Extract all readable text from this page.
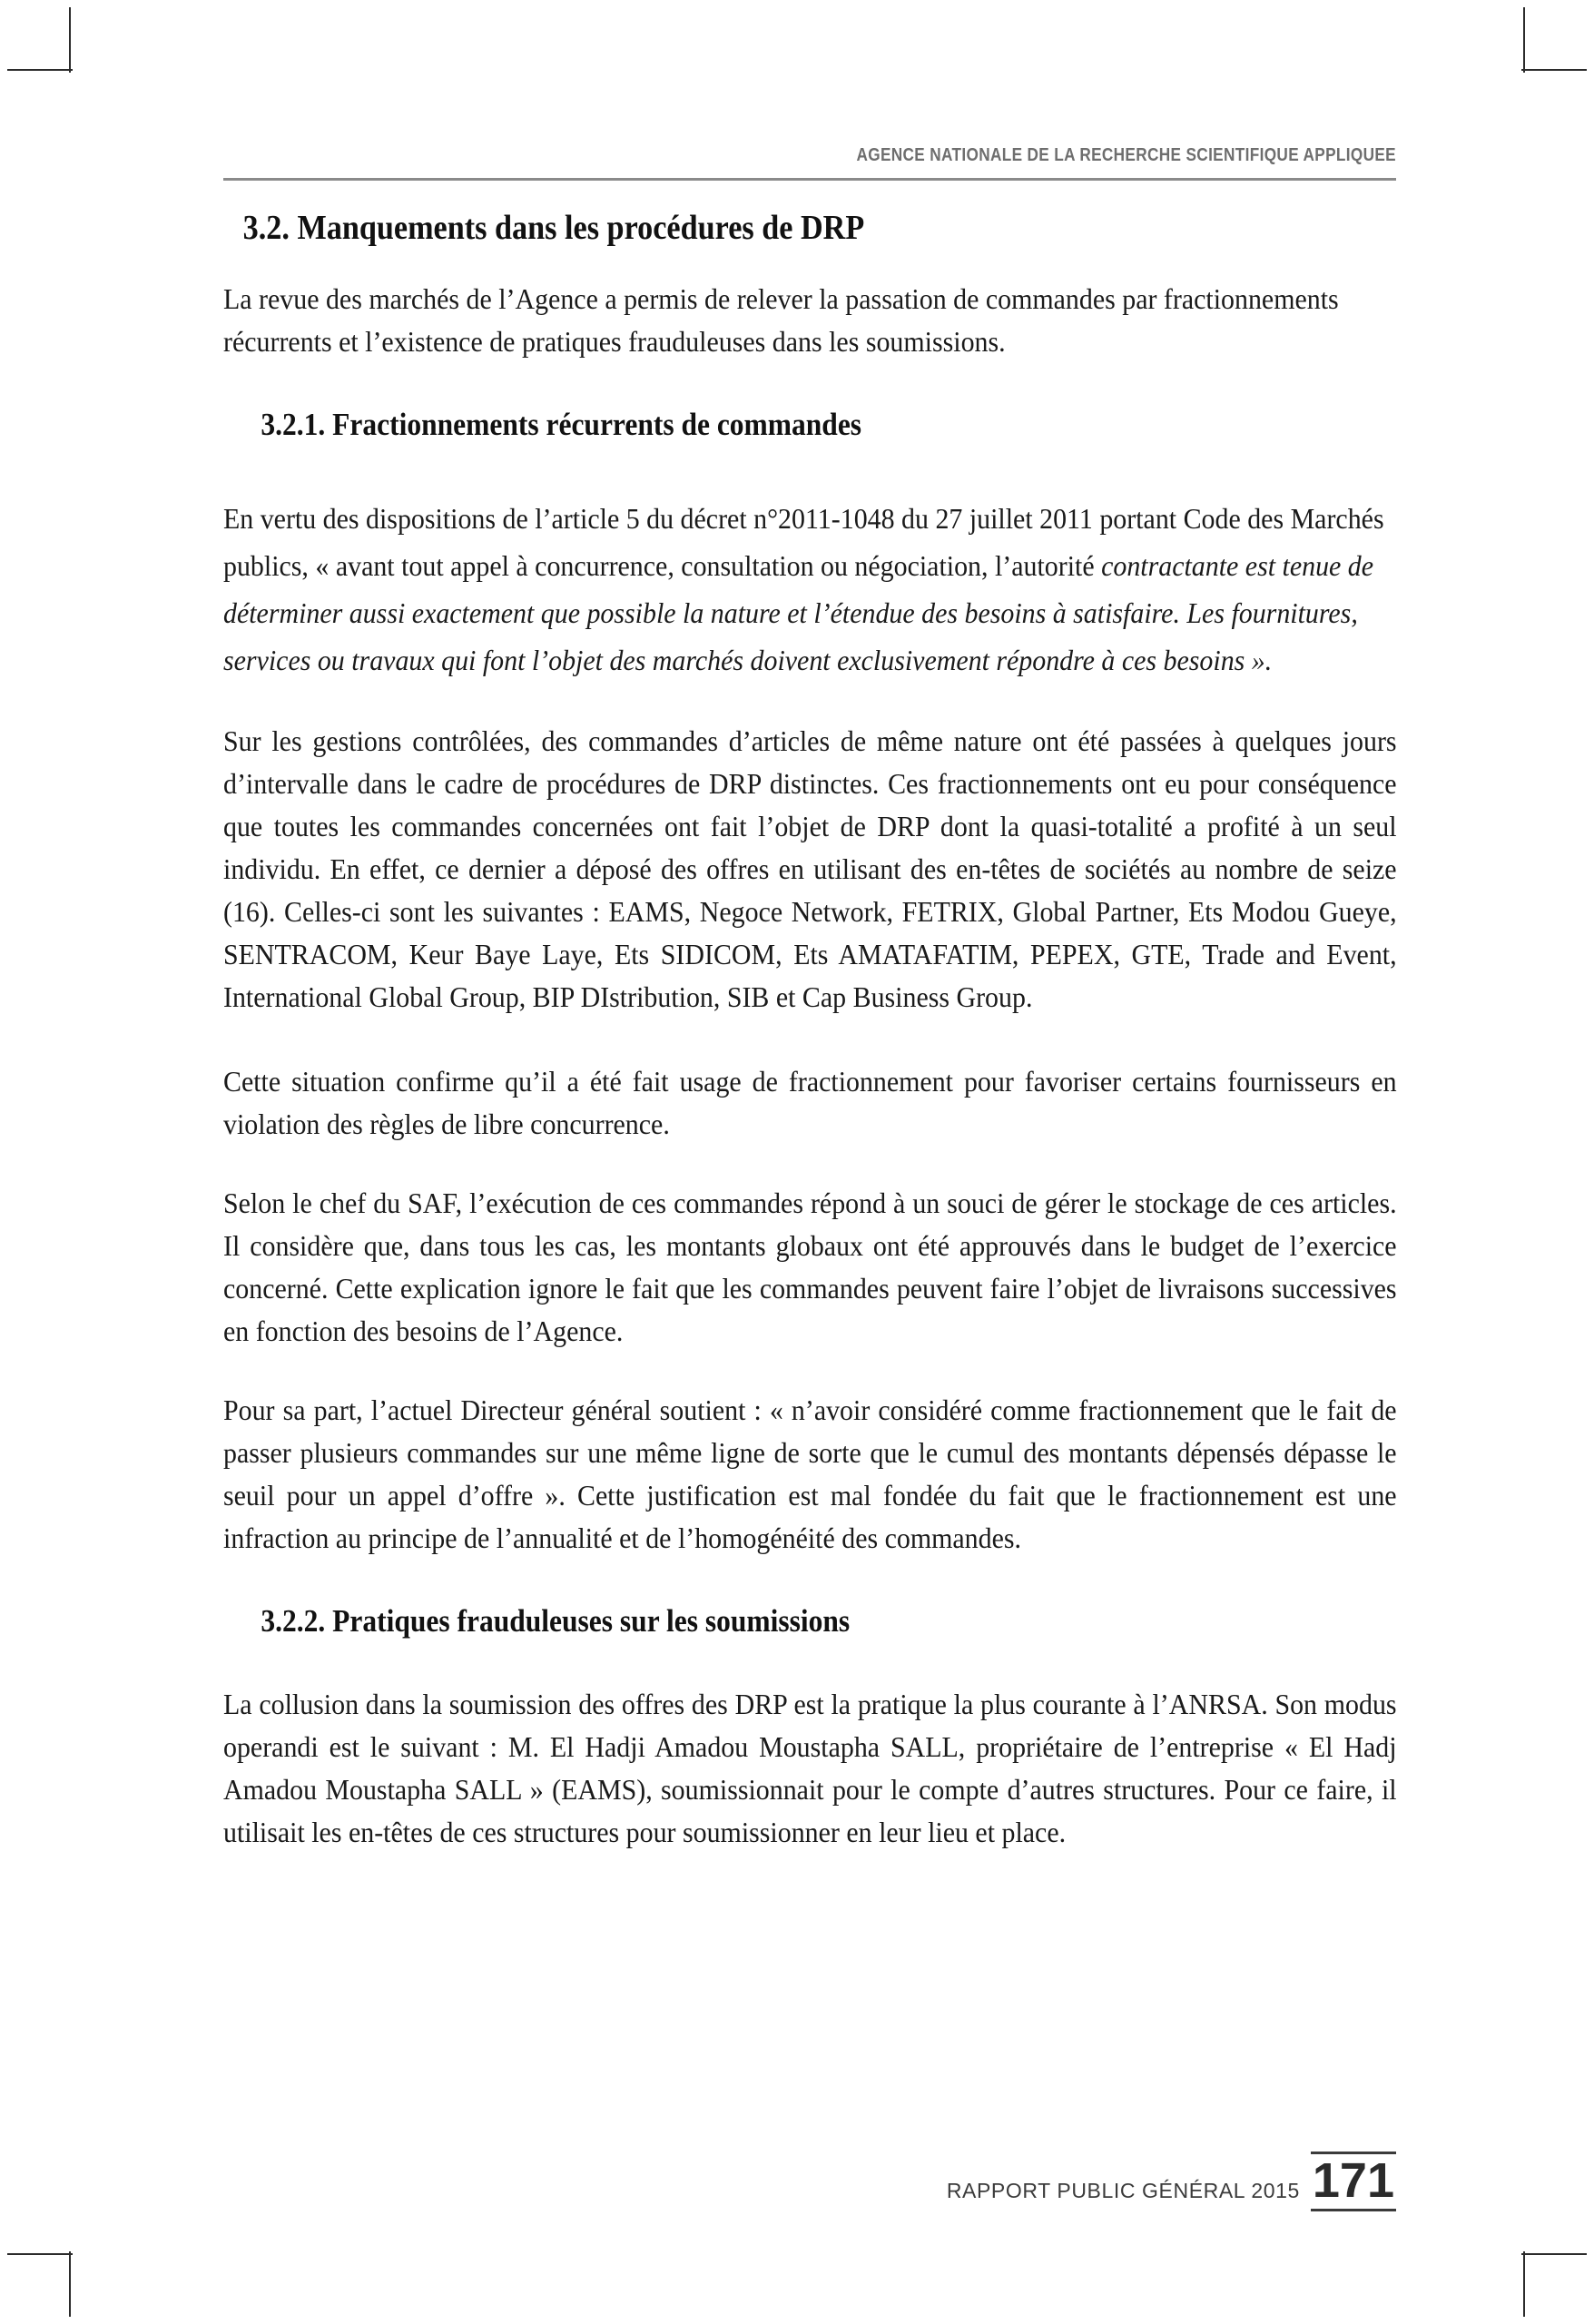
AGENCE NATIONALE DE LA RECHERCHE SCIENTIFIQUE APPLIQUEE
3.2. Manquements dans les procédures de DRP

La revue des marchés de l’Agence a permis de relever la passation de commandes par fractionnements récurrents et l’existence de pratiques frauduleuses dans les soumissions.

3.2.1. Fractionnements récurrents de commandes

En vertu des dispositions de l’article 5 du décret n°2011-1048 du 27 juillet 2011 portant Code des Marchés publics, « avant tout appel à concurrence, consultation ou négociation, l’autorité contractante est tenue de déterminer aussi exactement que possible la nature et l’étendue des besoins à satisfaire. Les fournitures, services ou travaux qui font l’objet des marchés doivent exclusivement répondre à ces besoins ».

Sur les gestions contrôlées, des commandes d’articles de même nature ont été passées à quelques jours d’intervalle dans le cadre de procédures de DRP distinctes. Ces fractionnements ont eu pour conséquence que toutes les commandes concernées ont fait l’objet de DRP dont la quasi-totalité a profité à un seul individu. En effet, ce dernier a déposé des offres en utilisant des en-têtes de sociétés au nombre de seize (16). Celles-ci sont les suivantes : EAMS, Negoce Network, FETRIX, Global Partner, Ets Modou Gueye, SENTRACOM, Keur Baye Laye, Ets SIDICOM, Ets AMATAFATIM, PEPEX, GTE, Trade and Event, International Global Group, BIP DIstribution, SIB et Cap Business Group.

Cette situation confirme qu’il a été fait usage de fractionnement pour favoriser certains fournisseurs en violation des règles de libre concurrence.

Selon le chef du SAF, l’exécution de ces commandes répond à un souci de gérer le stockage de ces articles. Il considère que, dans tous les cas, les montants globaux ont été approuvés dans le budget de l’exercice concerné. Cette explication ignore le fait que les commandes peuvent faire l’objet de livraisons successives en fonction des besoins de l’Agence.

Pour sa part, l’actuel Directeur général soutient : « n’avoir considéré comme fractionnement que le fait de passer plusieurs commandes sur une même ligne de sorte que le cumul des montants dépensés dépasse le seuil pour un appel d’offre ». Cette justification est mal fondée du fait que le fractionnement est une infraction au principe de l’annualité et de l’homogénéité des commandes.

3.2.2. Pratiques frauduleuses sur les soumissions

La collusion dans la soumission des offres des DRP est la pratique la plus courante à l’ANRSA. Son modus operandi est le suivant : M. El Hadji Amadou Moustapha SALL, propriétaire de l’entreprise « El Hadj Amadou Moustapha SALL » (EAMS), soumissionnait pour le compte d’autres structures. Pour ce faire, il utilisait les en-têtes de ces structures pour soumissionner en leur lieu et place.

RAPPORT PUBLIC GÉNÉRAL 2015 171
